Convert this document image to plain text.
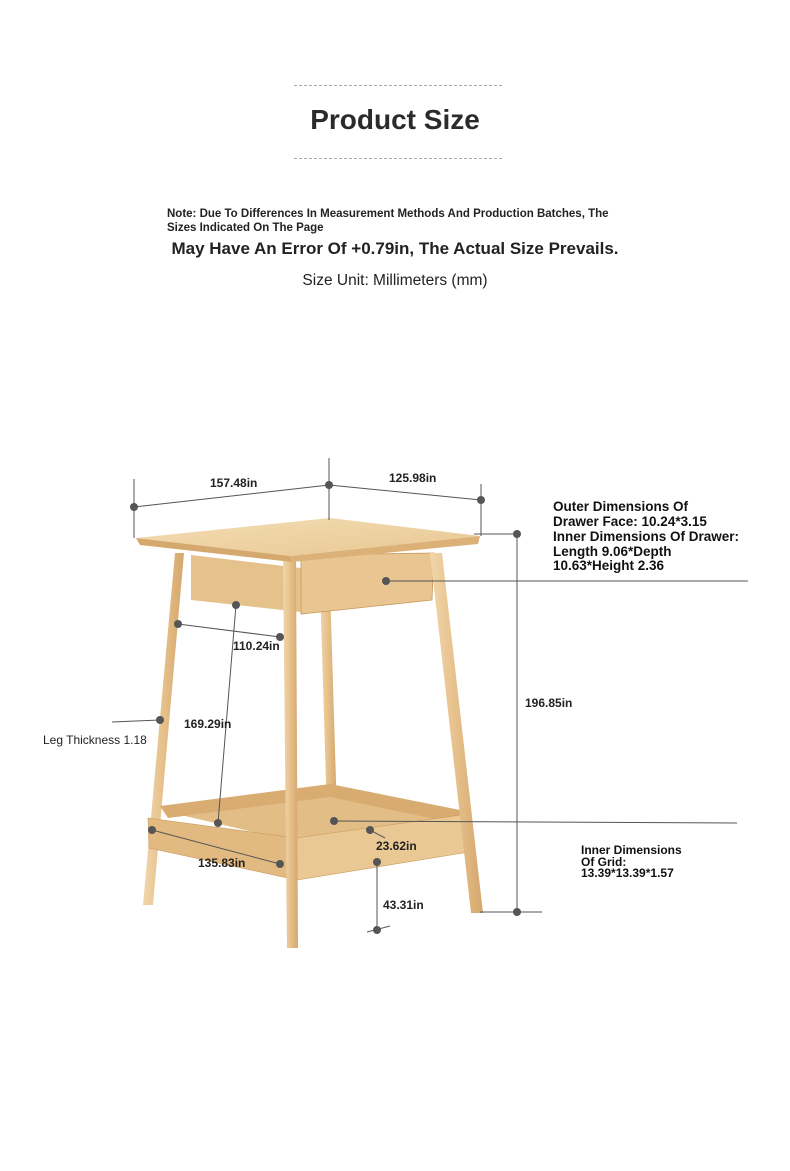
Product Size
Note: Due To Differences In Measurement Methods And Production Batches, The Sizes Indicated On The Page
May Have An Error Of +0.79in, The Actual Size Prevails.
Size Unit: Millimeters (mm)
157.48in	125.98in
110.24in
169.29in
196.85in
Leg Thickness 1.18
135.83in
23.62in
43.31in
Outer Dimensions Of Drawer Face: 10.24*3.15
Inner Dimensions Of Drawer: Length 9.06*Depth 10.63*Height 2.36
Inner Dimensions
Of Grid:
13.39*13.39*1.57
